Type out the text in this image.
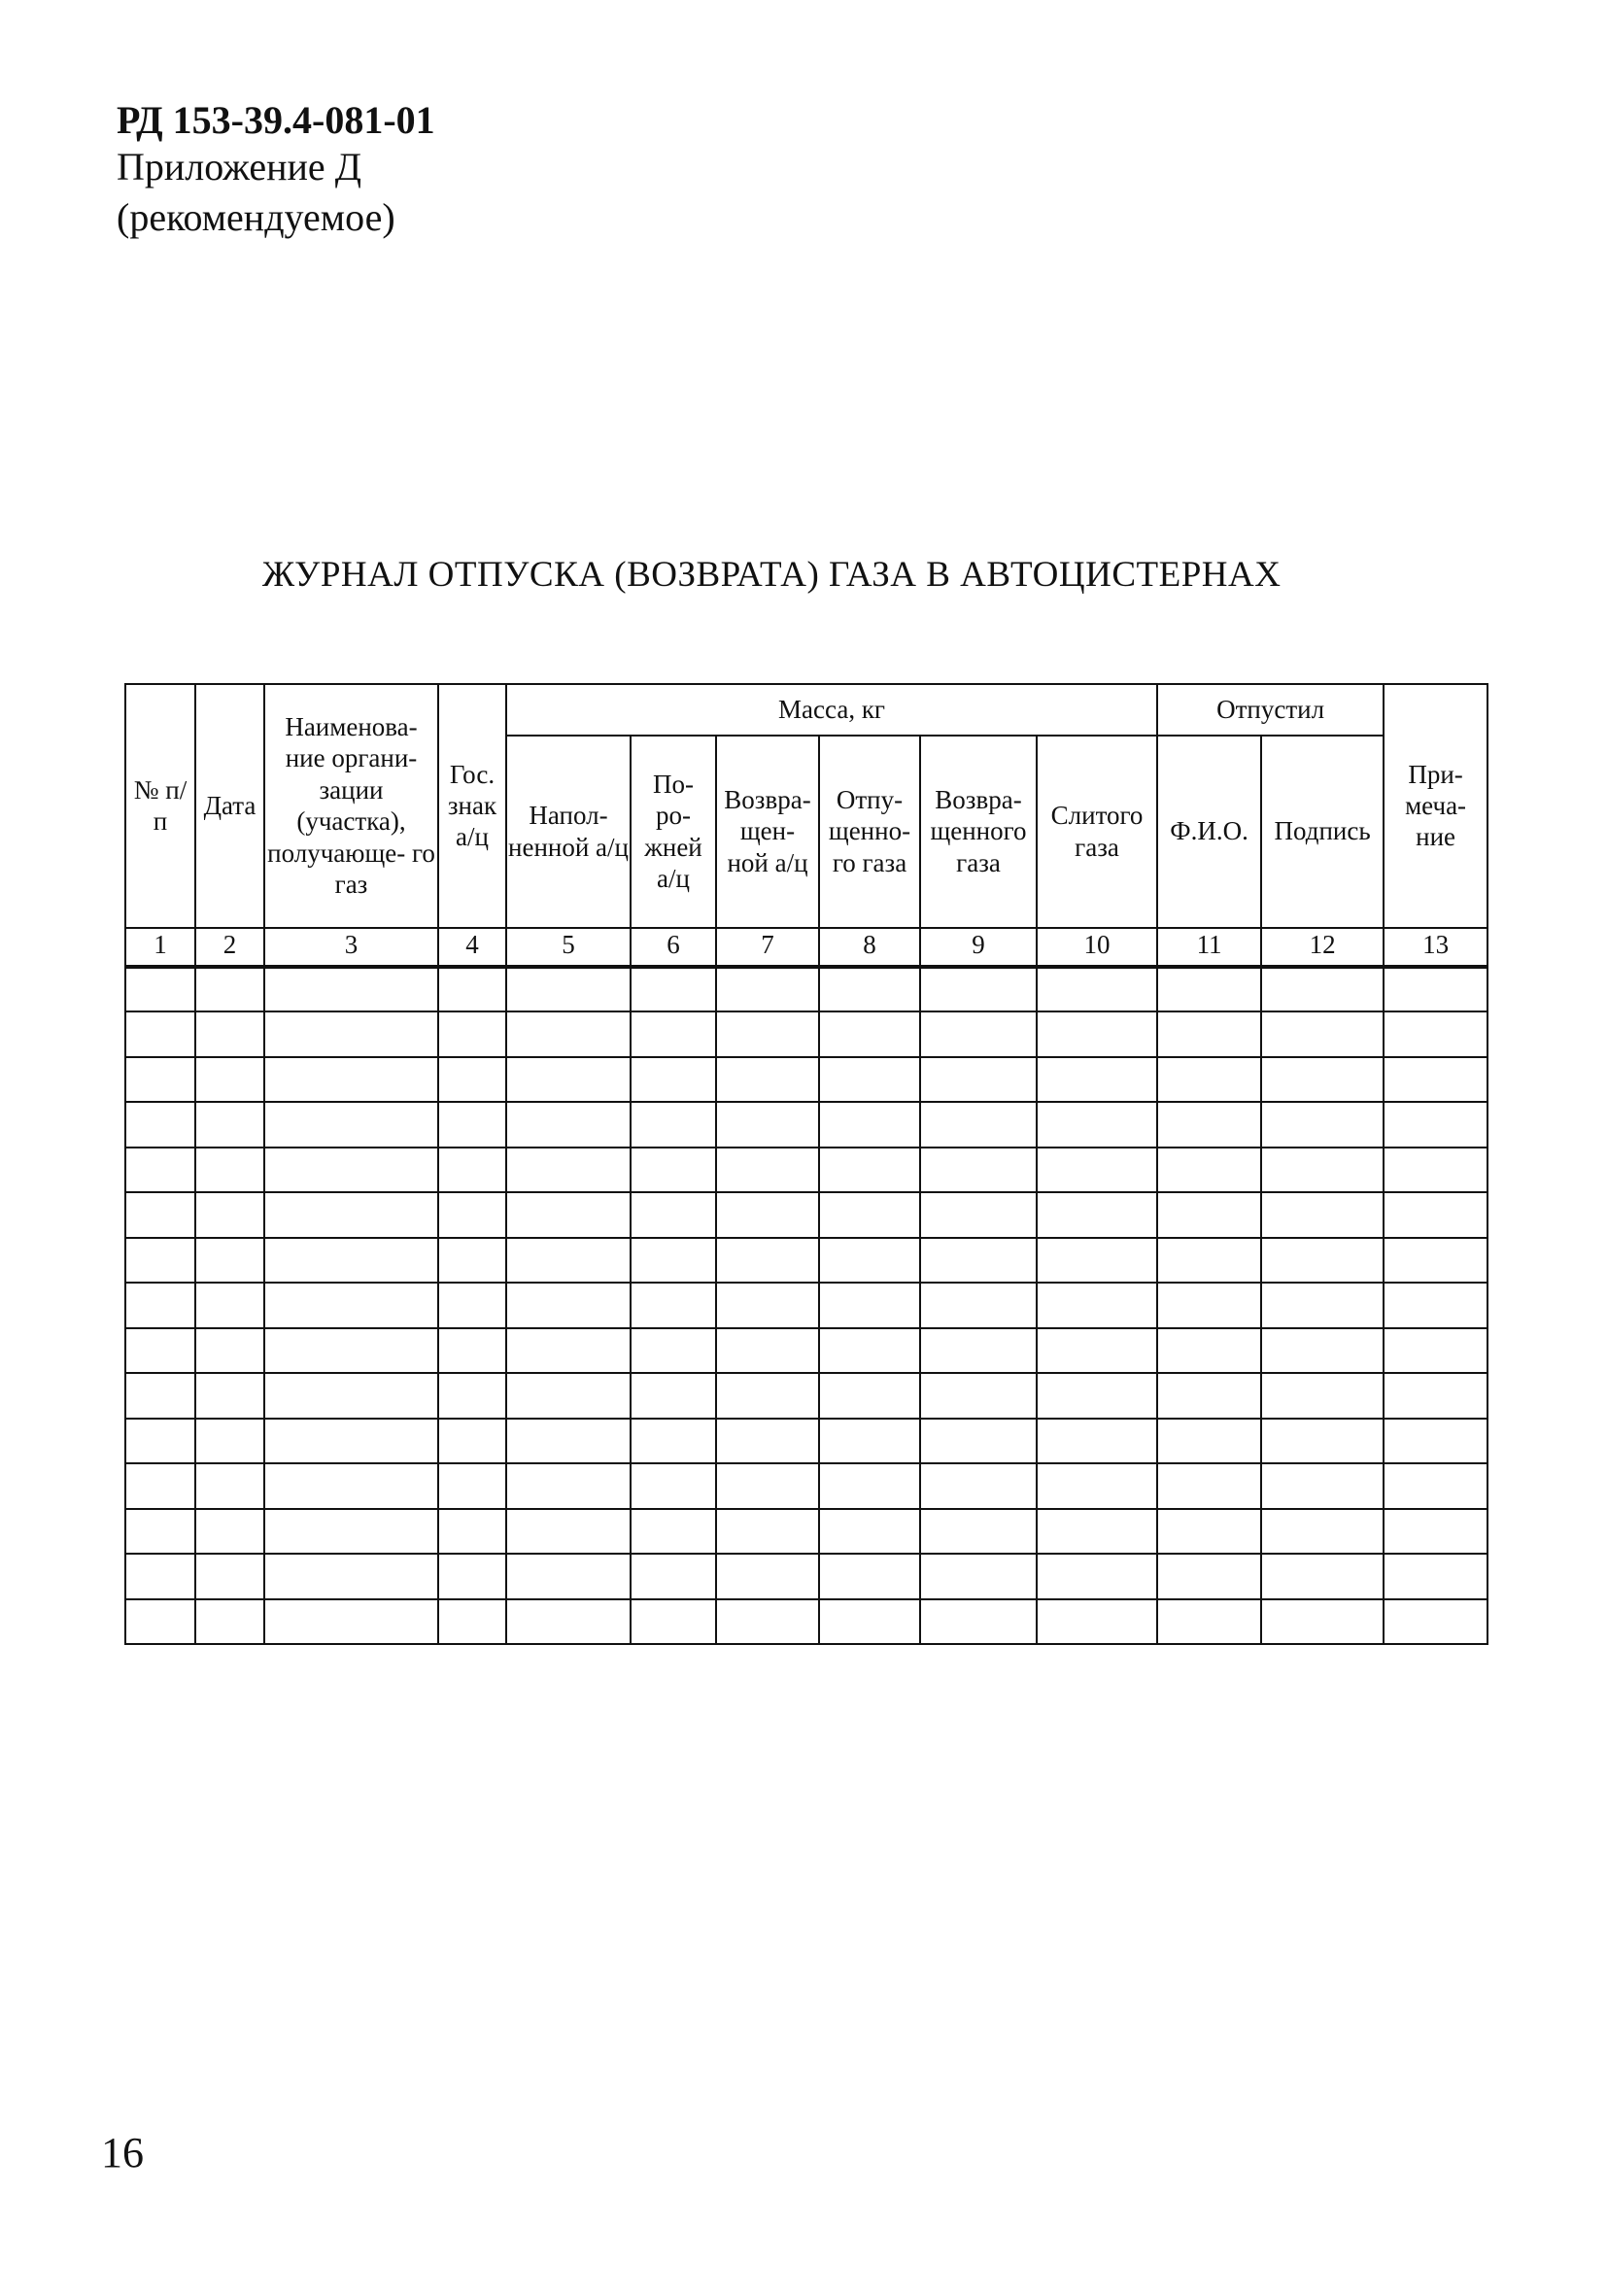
РД 153-39.4-081-01
Приложение Д
(рекомендуемое)
ЖУРНАЛ ОТПУСКА (ВОЗВРАТА) ГАЗА В АВТОЦИСТЕРНАХ
№ п/п	Дата	Наименова- ние органи- зации (участка), получающе- го газ	Гос. знак а/ц	Масса, кг						Отпустил		При- меча- ние
				Напол- ненной а/ц	По- ро- жней а/ц	Возвра- щен- ной а/ц	Отпу- щенно- го газа	Возвра- щенного газа	Слитого газа	Ф.И.О.	Подпись	
1	2	3	4	5	6	7	8	9	10	11	12	13

16
